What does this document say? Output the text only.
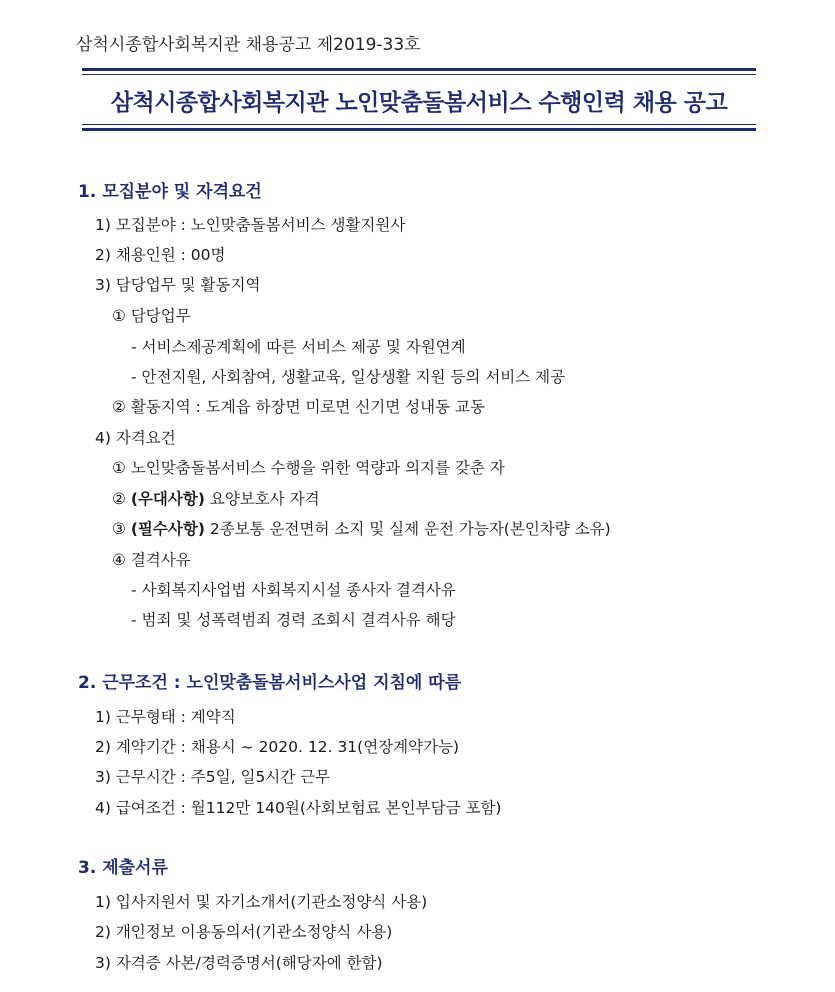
삼척시종합사회복지관 채용공고 제2019-33호
삼척시종합사회복지관 노인맞춤돌봄서비스 수행인력 채용 공고
1. 모집분야 및 자격요건
1) 모집분야 : 노인맞춤돌봄서비스 생활지원사
2) 채용인원 : 00명
3) 담당업무 및 활동지역
① 담당업무
- 서비스제공계획에 따른 서비스 제공 및 자원연계
- 안전지원, 사회참여, 생활교육, 일상생활 지원 등의 서비스 제공
② 활동지역 : 도계읍 하장면 미로면 신기면 성내동 교동
4) 자격요건
① 노인맞춤돌봄서비스 수행을 위한 역량과 의지를 갖춘 자
② (우대사항) 요양보호사 자격
③ (필수사항) 2종보통 운전면허 소지 및 실제 운전 가능자(본인차량 소유)
④ 결격사유
- 사회복지사업법 사회복지시설 종사자 결격사유
- 범죄 및 성폭력범죄 경력 조회시 결격사유 해당
2. 근무조건 : 노인맞춤돌봄서비스사업 지침에 따름
1) 근무형태 : 계약직
2) 계약기간 : 채용시 ~ 2020. 12. 31(연장계약가능)
3) 근무시간 : 주5일, 일5시간 근무
4) 급여조건 : 월112만 140원(사회보험료 본인부담금 포함)
3. 제출서류
1) 입사지원서 및 자기소개서(기관소정양식 사용)
2) 개인정보 이용동의서(기관소정양식 사용)
3) 자격증 사본/경력증명서(해당자에 한함)
